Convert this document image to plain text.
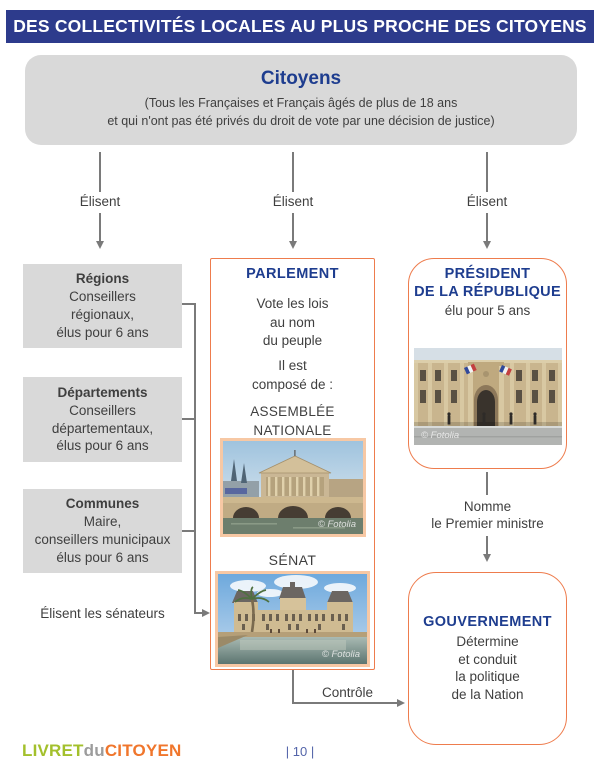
DES COLLECTIVITÉS LOCALES AU PLUS PROCHE DES CITOYENS
Citoyens
(Tous les Françaises et Français âgés de plus de 18 ans
et qui n'ont pas été privés du droit de vote par une décision de justice)
Élisent	Élisent	Élisent
Régions
Conseillers
régionaux,
élus pour 6 ans
Départements
Conseillers
départementaux,
élus pour 6 ans
Communes
Maire,
conseillers municipaux
élus pour 6 ans
Élisent les sénateurs
PARLEMENT
Vote les lois
au nom
du peuple
Il est
composé de :
ASSEMBLÉE
NATIONALE
© Fotolia
SÉNAT
© Fotolia
Contrôle
PRÉSIDENT
DE LA RÉPUBLIQUE
élu pour 5 ans
© Fotolia
Nomme
le Premier ministre
GOUVERNEMENT
Détermine
et conduit
la politique
de la Nation
LIVRETduCITOYEN	| 10 |
